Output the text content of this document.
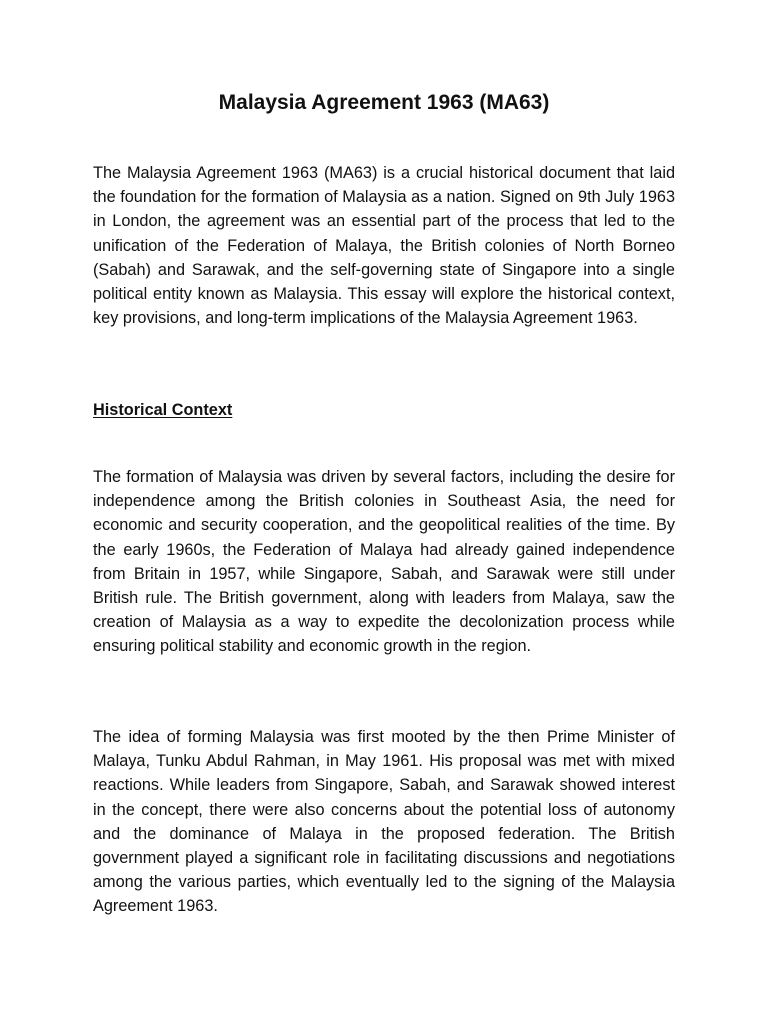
Malaysia Agreement 1963 (MA63)

The Malaysia Agreement 1963 (MA63) is a crucial historical document that laid the foundation for the formation of Malaysia as a nation. Signed on 9th July 1963 in London, the agreement was an essential part of the process that led to the unification of the Federation of Malaya, the British colonies of North Borneo (Sabah) and Sarawak, and the self-governing state of Singapore into a single political entity known as Malaysia. This essay will explore the historical context, key provisions, and long-term implications of the Malaysia Agreement 1963.

Historical Context

The formation of Malaysia was driven by several factors, including the desire for independence among the British colonies in Southeast Asia, the need for economic and security cooperation, and the geopolitical realities of the time. By the early 1960s, the Federation of Malaya had already gained independence from Britain in 1957, while Singapore, Sabah, and Sarawak were still under British rule. The British government, along with leaders from Malaya, saw the creation of Malaysia as a way to expedite the decolonization process while ensuring political stability and economic growth in the region.

The idea of forming Malaysia was first mooted by the then Prime Minister of Malaya, Tunku Abdul Rahman, in May 1961. His proposal was met with mixed reactions. While leaders from Singapore, Sabah, and Sarawak showed interest in the concept, there were also concerns about the potential loss of autonomy and the dominance of Malaya in the proposed federation. The British government played a significant role in facilitating discussions and negotiations among the various parties, which eventually led to the signing of the Malaysia Agreement 1963.
